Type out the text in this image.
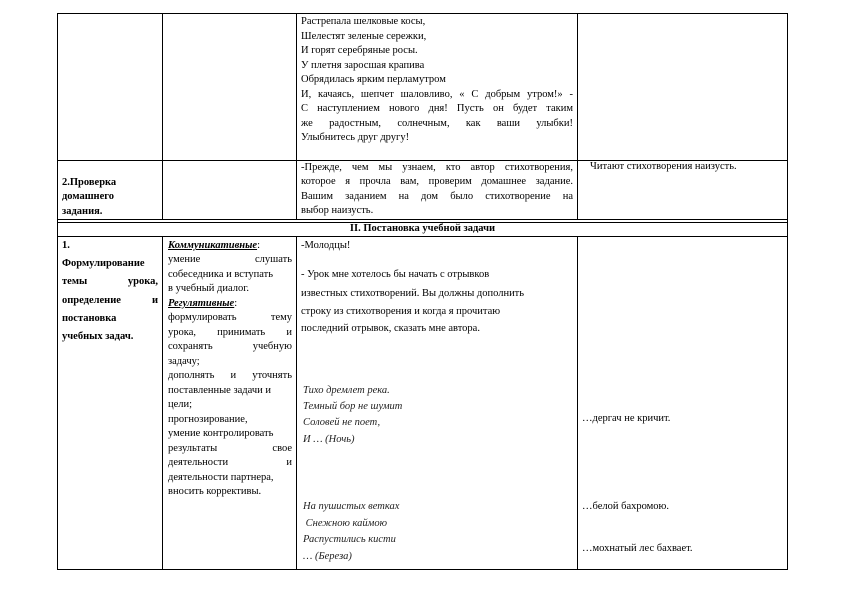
Растрепала шелковые косы,
Шелестят зеленые сережки,
И горят серебряные росы.
У плетня заросшая крапива
Обрядилась ярким перламутром
И, качаясь, шепчет шаловливо, « С добрым утром!» -
С наступлением нового дня! Пусть он будет таким
же радостным, солнечным, как ваши улыбки!
Улыбнитесь друг другу!
2.Проверка
домашнего
задания.
-Прежде, чем мы узнаем, кто автор стихотворения,
которое я прочла вам, проверим домашнее задание.
Вашим заданием на дом было стихотворение на
выбор наизусть.
Читают стихотворения наизусть.
II. Постановка учебной задачи
1.
Формулирование
темы урока,
определение и
постановка
учебных задач.
Коммуникативные:
умение слушать
собеседника и вступать
в учебный диалог.
Регулятивные:
формулировать тему
урока, принимать и
сохранять учебную
задачу;
дополнять и уточнять
поставленные задачи и
цели;
прогнозирование,
умение контролировать
результаты свое
деятельности и
деятельности партнера,
вносить коррективы.
-Молодцы!
- Урок мне хотелось бы начать с отрывков
известных стихотворений. Вы должны дополнить
строку из стихотворения и когда я прочитаю
последний отрывок, сказать мне автора.
Тихо дремлет река.
Темный бор не шумит
Соловей не поет,
И … (Ночь)
На пушистых ветках
Снежною каймою
Распустились кисти
… (Береза)
…дергач не кричит.
…белой бахромою.
…мохнатый лес бахвает.
